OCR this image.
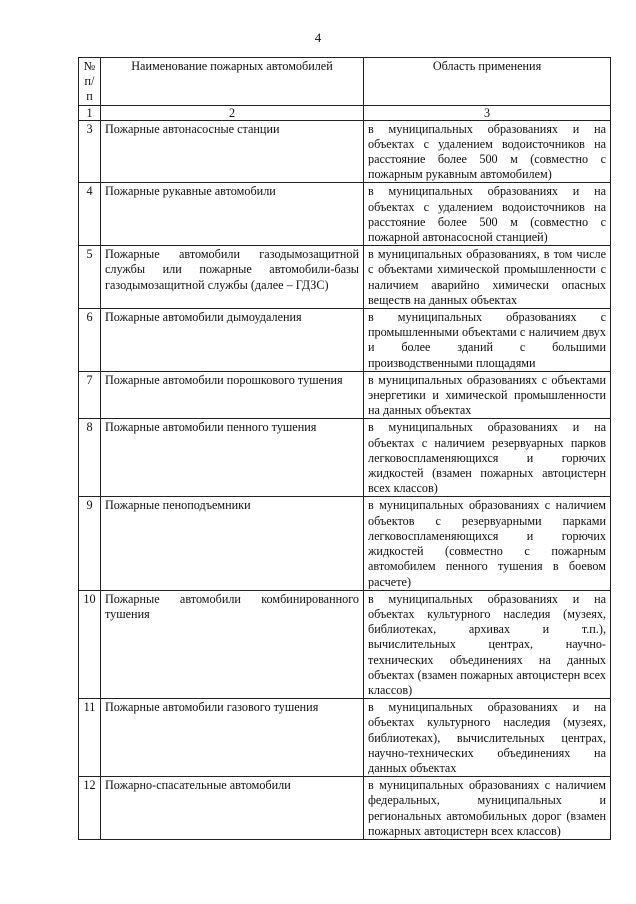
4
№ п/п	Наименование пожарных автомобилей	Область применения
1	2	3
3	Пожарные автонасосные станции	в муниципальных образованиях и на объектах с удалением водоисточников на расстояние более 500 м (совместно с пожарным рукавным автомобилем)
4	Пожарные рукавные автомобили	в муниципальных образованиях и на объектах с удалением водоисточников на расстояние более 500 м (совместно с пожарной автонасосной станцией)
5	Пожарные автомобили газодымозащитной службы или пожарные автомобили-базы газодымозащитной службы (далее – ГДЗС)	в муниципальных образованиях, в том числе с объектами химической промышленности с наличием аварийно химически опасных веществ на данных объектах
6	Пожарные автомобили дымоудаления	в муниципальных образованиях с промышленными объектами с наличием двух и более зданий с большими производственными площадями
7	Пожарные автомобили порошкового тушения	в муниципальных образованиях с объектами энергетики и химической промышленности на данных объектах
8	Пожарные автомобили пенного тушения	в муниципальных образованиях и на объектах с наличием резервуарных парков легковоспламеняющихся и горючих жидкостей (взамен пожарных автоцистерн всех классов)
9	Пожарные пеноподъемники	в муниципальных образованиях с наличием объектов с резервуарными парками легковоспламеняющихся и горючих жидкостей (совместно с пожарным автомобилем пенного тушения в боевом расчете)
10	Пожарные автомобили комбинированного тушения	в муниципальных образованиях и на объектах культурного наследия (музеях, библиотеках, архивах и т.п.), вычислительных центрах, научно-технических объединениях на данных объектах (взамен пожарных автоцистерн всех классов)
11	Пожарные автомобили газового тушения	в муниципальных образованиях и на объектах культурного наследия (музеях, библиотеках), вычислительных центрах, научно-технических объединениях на данных объектах
12	Пожарно-спасательные автомобили	в муниципальных образованиях с наличием федеральных, муниципальных и региональных автомобильных дорог (взамен пожарных автоцистерн всех классов)
